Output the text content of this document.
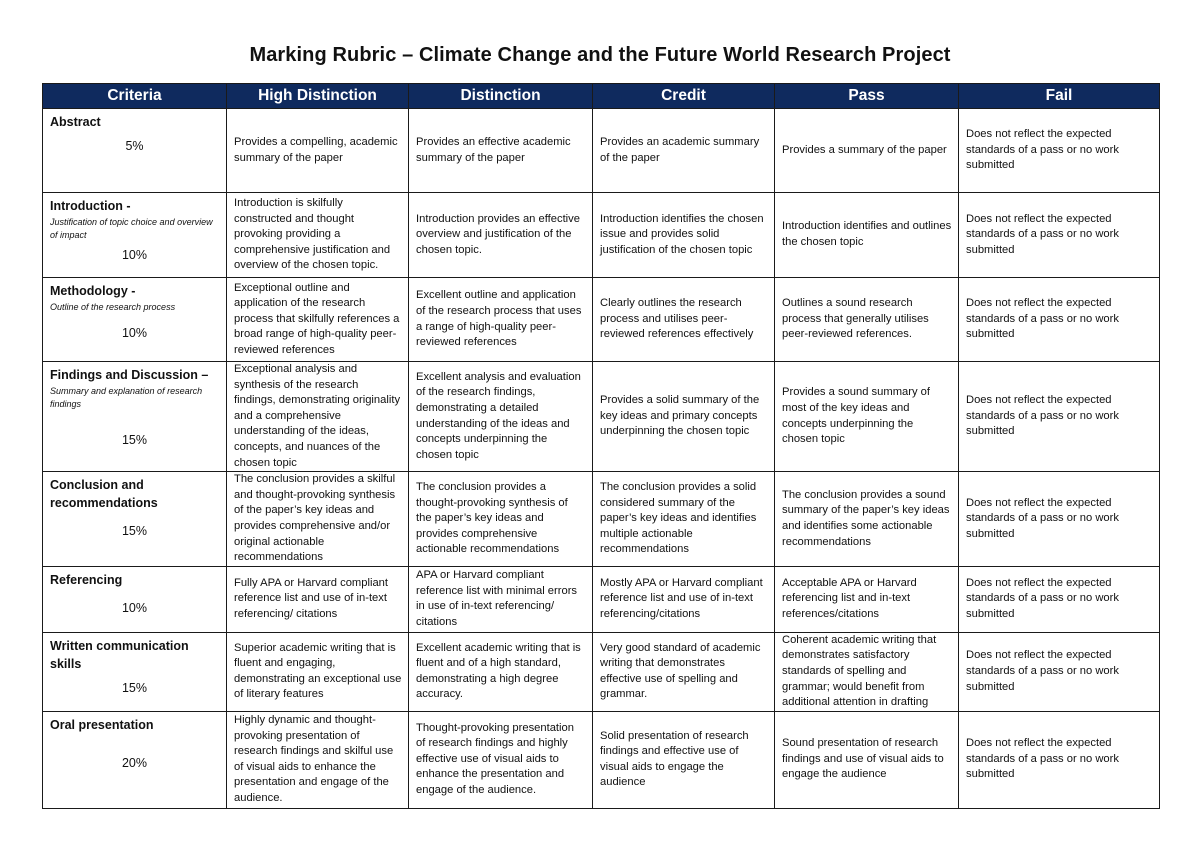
Marking Rubric – Climate Change and the Future World Research Project
Criteria	High Distinction	Distinction	Credit	Pass	Fail

Abstract
5%	Provides a compelling, academic summary of the paper	Provides an effective academic summary of the paper	Provides an academic summary of the paper	Provides a summary of the paper	Does not reflect the expected standards of a pass or no work submitted

Introduction -
Justification of topic choice and overview of impact
10%	Introduction is skilfully constructed and thought provoking providing a comprehensive justification and overview of the chosen topic.	Introduction provides an effective overview and justification of the chosen topic.	Introduction identifies the chosen issue and provides solid justification of the chosen topic	Introduction identifies and outlines the chosen topic	Does not reflect the expected standards of a pass or no work submitted

Methodology -
Outline of the research process
10%	Exceptional outline and application of the research process that skilfully references a broad range of high-quality peer-reviewed references	Excellent outline and application of the research process that uses a range of high-quality peer-reviewed references	Clearly outlines the research process and utilises peer-reviewed references effectively	Outlines a sound research process that generally utilises peer-reviewed references.	Does not reflect the expected standards of a pass or no work submitted

Findings and Discussion –
Summary and explanation of research findings
15%	Exceptional analysis and synthesis of the research findings, demonstrating originality and a comprehensive understanding of the ideas, concepts, and nuances of the chosen topic	Excellent analysis and evaluation of the research findings, demonstrating a detailed understanding of the ideas and concepts underpinning the chosen topic	Provides a solid summary of the key ideas and primary concepts underpinning the chosen topic	Provides a sound summary of most of the key ideas and concepts underpinning the chosen topic	Does not reflect the expected standards of a pass or no work submitted

Conclusion and recommendations
15%	The conclusion provides a skilful and thought-provoking synthesis of the paper’s key ideas and provides comprehensive and/or original actionable recommendations	The conclusion provides a thought-provoking synthesis of the paper’s key ideas and provides comprehensive actionable recommendations	The conclusion provides a solid considered summary of the paper’s key ideas and identifies multiple actionable recommendations	The conclusion provides a sound summary of the paper’s key ideas and identifies some actionable recommendations	Does not reflect the expected standards of a pass or no work submitted

Referencing
10%	Fully APA or Harvard compliant reference list and use of in-text referencing/ citations	APA or Harvard compliant reference list with minimal errors in use of in-text referencing/ citations	Mostly APA or Harvard compliant reference list and use of in-text referencing/citations	Acceptable APA or Harvard referencing list and in-text references/citations	Does not reflect the expected standards of a pass or no work submitted

Written communication skills
15%	Superior academic writing that is fluent and engaging, demonstrating an exceptional use of literary features	Excellent academic writing that is fluent and of a high standard, demonstrating a high degree accuracy.	Very good standard of academic writing that demonstrates effective use of spelling and grammar.	Coherent academic writing that demonstrates satisfactory standards of spelling and grammar; would benefit from additional attention in drafting	Does not reflect the expected standards of a pass or no work submitted

Oral presentation
20%	Highly dynamic and thought-provoking presentation of research findings and skilful use of visual aids to enhance the presentation and engage of the audience.	Thought-provoking presentation of research findings and highly effective use of visual aids to enhance the presentation and engage of the audience.	Solid presentation of research findings and effective use of visual aids to engage the audience	Sound presentation of research findings and use of visual aids to engage the audience	Does not reflect the expected standards of a pass or no work submitted
